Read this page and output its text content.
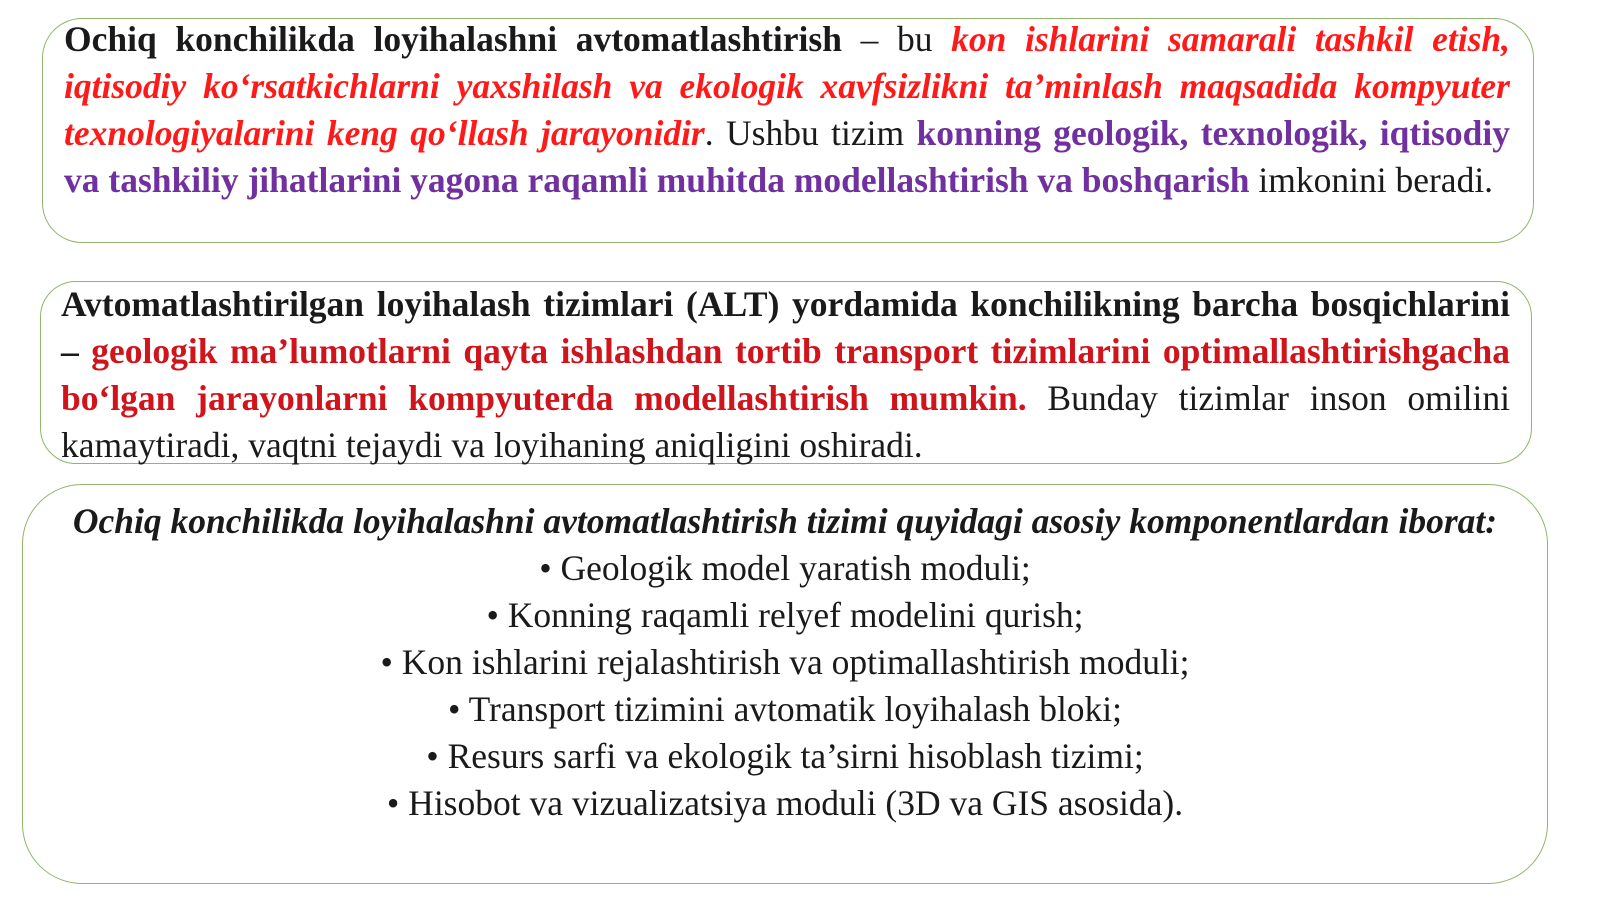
Ochiq konchilikda loyihalashni avtomatlashtirish – bu kon ishlarini samarali tashkil etish, iqtisodiy ko‘rsatkichlarni yaxshilash va ekologik xavfsizlikni ta’minlash maqsadida kompyuter texnologiyalarini keng qo‘llash jarayonidir. Ushbu tizim konning geologik, texnologik, iqtisodiy va tashkiliy jihatlarini yagona raqamli muhitda modellashtirish va boshqarish imkonini beradi.

Avtomatlashtirilgan loyihalash tizimlari (ALT) yordamida konchilikning barcha bosqichlarini – geologik ma’lumotlarni qayta ishlashdan tortib transport tizimlarini optimallashtirishgacha bo‘lgan jarayonlarni kompyuterda modellashtirish mumkin. Bunday tizimlar inson omilini kamaytiradi, vaqtni tejaydi va loyihaning aniqligini oshiradi.

Ochiq konchilikda loyihalashni avtomatlashtirish tizimi quyidagi asosiy komponentlardan iborat:
• Geologik model yaratish moduli;
• Konning raqamli relyef modelini qurish;
• Kon ishlarini rejalashtirish va optimallashtirish moduli;
• Transport tizimini avtomatik loyihalash bloki;
• Resurs sarfi va ekologik ta’sirni hisoblash tizimi;
• Hisobot va vizualizatsiya moduli (3D va GIS asosida).
